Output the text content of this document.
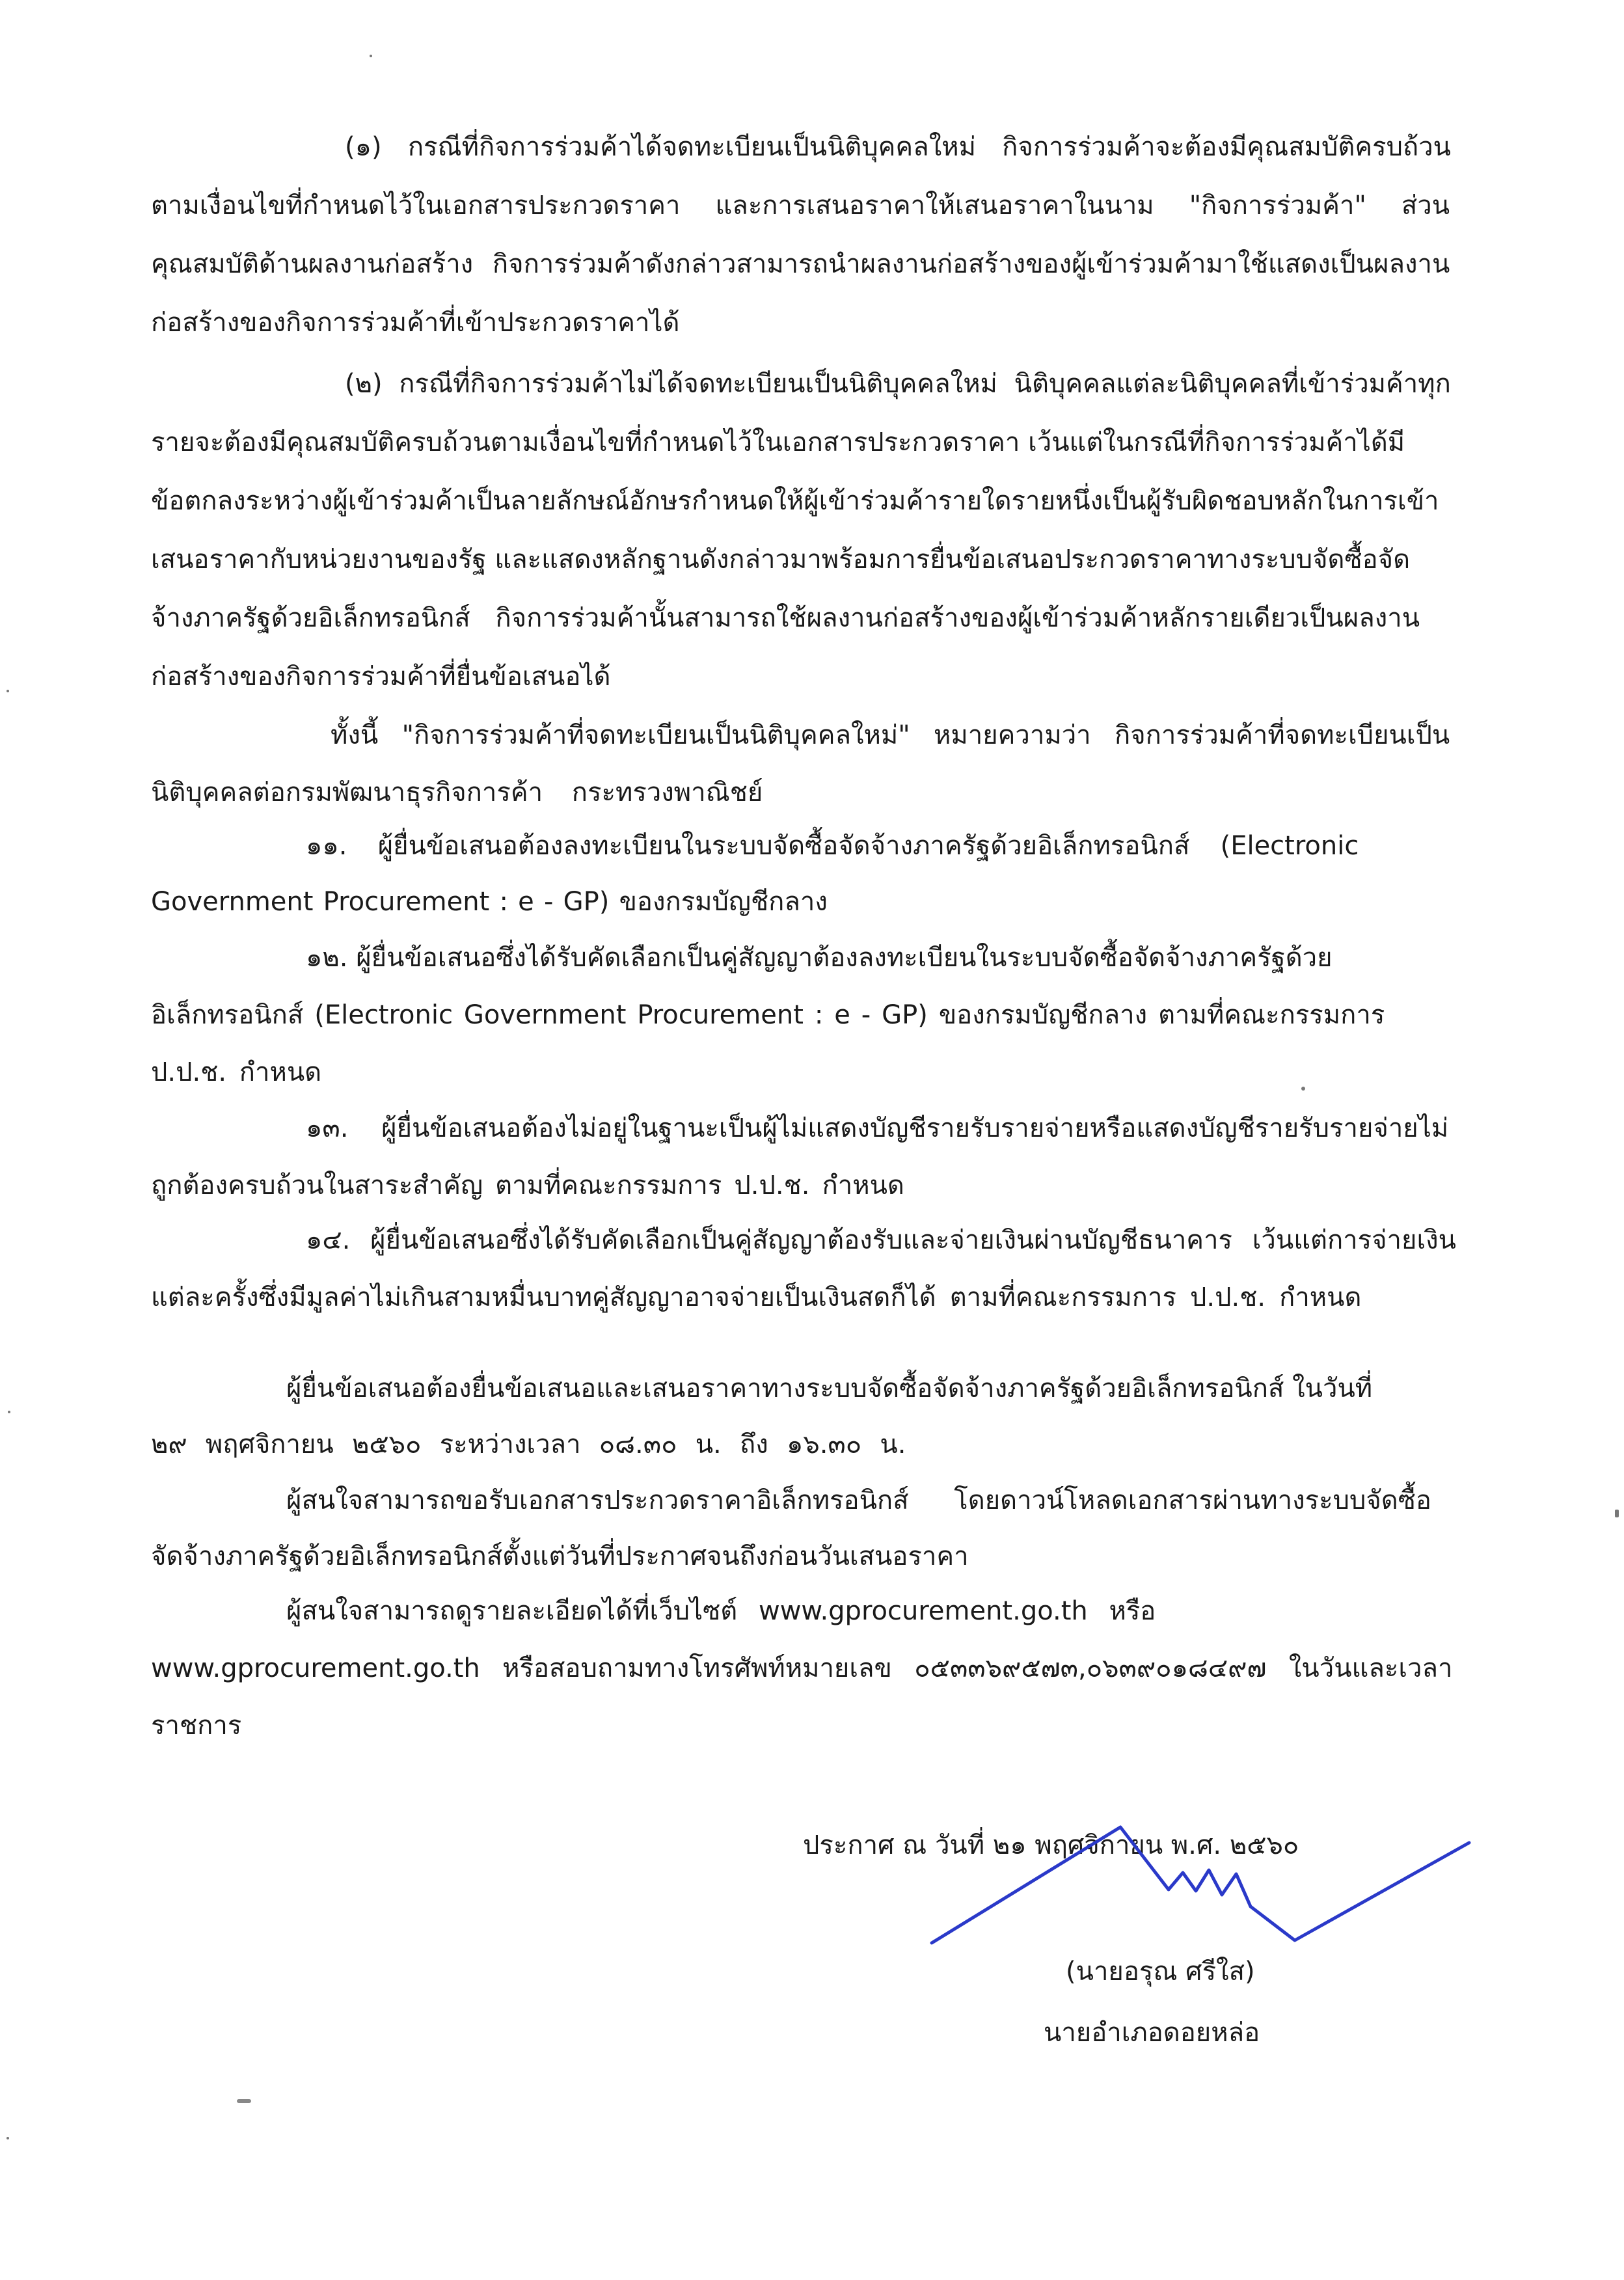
(๑) กรณีที่กิจการร่วมค้าได้จดทะเบียนเป็นนิติบุคคลใหม่ กิจการร่วมค้าจะต้องมีคุณสมบัติครบถ้วน

ตามเงื่อนไขที่กำหนดไว้ในเอกสารประกวดราคา และการเสนอราคาให้เสนอราคาในนาม "กิจการร่วมค้า" ส่วน

คุณสมบัติด้านผลงานก่อสร้าง กิจการร่วมค้าดังกล่าวสามารถนำผลงานก่อสร้างของผู้เข้าร่วมค้ามาใช้แสดงเป็นผลงาน

ก่อสร้างของกิจการร่วมค้าที่เข้าประกวดราคาได้

(๒) กรณีที่กิจการร่วมค้าไม่ได้จดทะเบียนเป็นนิติบุคคลใหม่ นิติบุคคลแต่ละนิติบุคคลที่เข้าร่วมค้าทุก

รายจะต้องมีคุณสมบัติครบถ้วนตามเงื่อนไขที่กำหนดไว้ในเอกสารประกวดราคา เว้นแต่ในกรณีที่กิจการร่วมค้าได้มี

ข้อตกลงระหว่างผู้เข้าร่วมค้าเป็นลายลักษณ์อักษรกำหนดให้ผู้เข้าร่วมค้ารายใดรายหนึ่งเป็นผู้รับผิดชอบหลักในการเข้า

เสนอราคากับหน่วยงานของรัฐ และแสดงหลักฐานดังกล่าวมาพร้อมการยื่นข้อเสนอประกวดราคาทางระบบจัดซื้อจัด

จ้างภาครัฐด้วยอิเล็กทรอนิกส์ กิจการร่วมค้านั้นสามารถใช้ผลงานก่อสร้างของผู้เข้าร่วมค้าหลักรายเดียวเป็นผลงาน

ก่อสร้างของกิจการร่วมค้าที่ยื่นข้อเสนอได้

ทั้งนี้ "กิจการร่วมค้าที่จดทะเบียนเป็นนิติบุคคลใหม่" หมายความว่า กิจการร่วมค้าที่จดทะเบียนเป็น

นิติบุคคลต่อกรมพัฒนาธุรกิจการค้า กระทรวงพาณิชย์

๑๑. ผู้ยื่นข้อเสนอต้องลงทะเบียนในระบบจัดซื้อจัดจ้างภาครัฐด้วยอิเล็กทรอนิกส์ (Electronic

Government Procurement : e - GP) ของกรมบัญชีกลาง

๑๒. ผู้ยื่นข้อเสนอซึ่งได้รับคัดเลือกเป็นคู่สัญญาต้องลงทะเบียนในระบบจัดซื้อจัดจ้างภาครัฐด้วย

อิเล็กทรอนิกส์ (Electronic Government Procurement : e - GP) ของกรมบัญชีกลาง ตามที่คณะกรรมการ

ป.ป.ช. กำหนด

๑๓. ผู้ยื่นข้อเสนอต้องไม่อยู่ในฐานะเป็นผู้ไม่แสดงบัญชีรายรับรายจ่ายหรือแสดงบัญชีรายรับรายจ่ายไม่

ถูกต้องครบถ้วนในสาระสำคัญ ตามที่คณะกรรมการ ป.ป.ช. กำหนด

๑๔. ผู้ยื่นข้อเสนอซึ่งได้รับคัดเลือกเป็นคู่สัญญาต้องรับและจ่ายเงินผ่านบัญชีธนาคาร เว้นแต่การจ่ายเงิน

แต่ละครั้งซึ่งมีมูลค่าไม่เกินสามหมื่นบาทคู่สัญญาอาจจ่ายเป็นเงินสดก็ได้ ตามที่คณะกรรมการ ป.ป.ช. กำหนด

ผู้ยื่นข้อเสนอต้องยื่นข้อเสนอและเสนอราคาทางระบบจัดซื้อจัดจ้างภาครัฐด้วยอิเล็กทรอนิกส์ ในวันที่

๒๙ พฤศจิกายน ๒๕๖๐ ระหว่างเวลา ๐๘.๓๐ น. ถึง ๑๖.๓๐ น.

ผู้สนใจสามารถขอรับเอกสารประกวดราคาอิเล็กทรอนิกส์ โดยดาวน์โหลดเอกสารผ่านทางระบบจัดซื้อ

จัดจ้างภาครัฐด้วยอิเล็กทรอนิกส์ตั้งแต่วันที่ประกาศจนถึงก่อนวันเสนอราคา

ผู้สนใจสามารถดูรายละเอียดได้ที่เว็บไซต์ www.gprocurement.go.th หรือ

www.gprocurement.go.th หรือสอบถามทางโทรศัพท์หมายเลข ๐๕๓๓๖๙๕๗๓,๐๖๓๙๐๑๘๔๙๗ ในวันและเวลา

ราชการ

ประกาศ ณ วันที่ ๒๑ พฤศจิกายน พ.ศ. ๒๕๖๐

(นายอรุณ ศรีใส)

นายอำเภอดอยหล่อ
